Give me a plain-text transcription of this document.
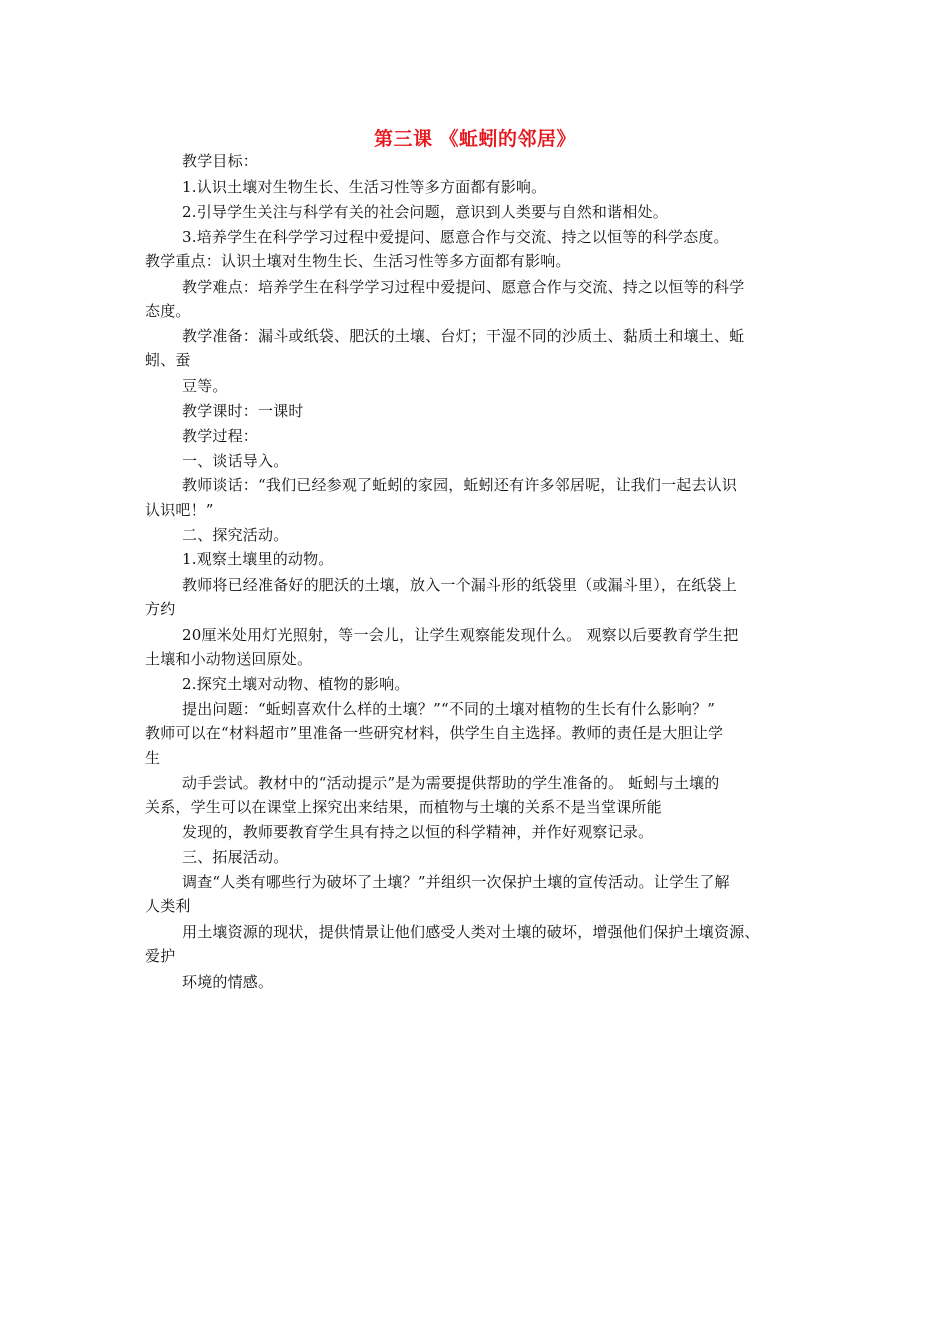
第三课 《蚯蚓的邻居》
教学目标：
1.认识土壤对生物生长、生活习性等多方面都有影响。
2.引导学生关注与科学有关的社会问题，意识到人类要与自然和谐相处。
3.培养学生在科学学习过程中爱提问、愿意合作与交流、持之以恒等的科学态度。
教学重点：认识土壤对生物生长、生活习性等多方面都有影响。
教学难点：培养学生在科学学习过程中爱提问、愿意合作与交流、持之以恒等的科学
态度。
教学准备：漏斗或纸袋、肥沃的土壤、台灯；干湿不同的沙质土、黏质土和壤土、蚯
蚓、蚕
豆等。
教学课时：一课时
教学过程：
一、谈话导入。
教师谈话：“我们已经参观了蚯蚓的家园，蚯蚓还有许多邻居呢，让我们一起去认识
认识吧！”
二、探究活动。
1.观察土壤里的动物。
教师将已经准备好的肥沃的土壤，放入一个漏斗形的纸袋里（或漏斗里），在纸袋上
方约
20厘米处用灯光照射，等一会儿，让学生观察能发现什么。 观察以后要教育学生把
土壤和小动物送回原处。
2.探究土壤对动物、植物的影响。
提出问题：“蚯蚓喜欢什么样的土壤？”“不同的土壤对植物的生长有什么影响？”
教师可以在“材料超市”里准备一些研究材料，供学生自主选择。教师的责任是大胆让学
生
动手尝试。教材中的“活动提示”是为需要提供帮助的学生准备的。 蚯蚓与土壤的
关系，学生可以在课堂上探究出来结果，而植物与土壤的关系不是当堂课所能
发现的，教师要教育学生具有持之以恒的科学精神，并作好观察记录。
三、拓展活动。
调查“人类有哪些行为破坏了土壤？”并组织一次保护土壤的宣传活动。让学生了解
人类利
用土壤资源的现状，提供情景让他们感受人类对土壤的破坏，增强他们保护土壤资源、
爱护
环境的情感。
